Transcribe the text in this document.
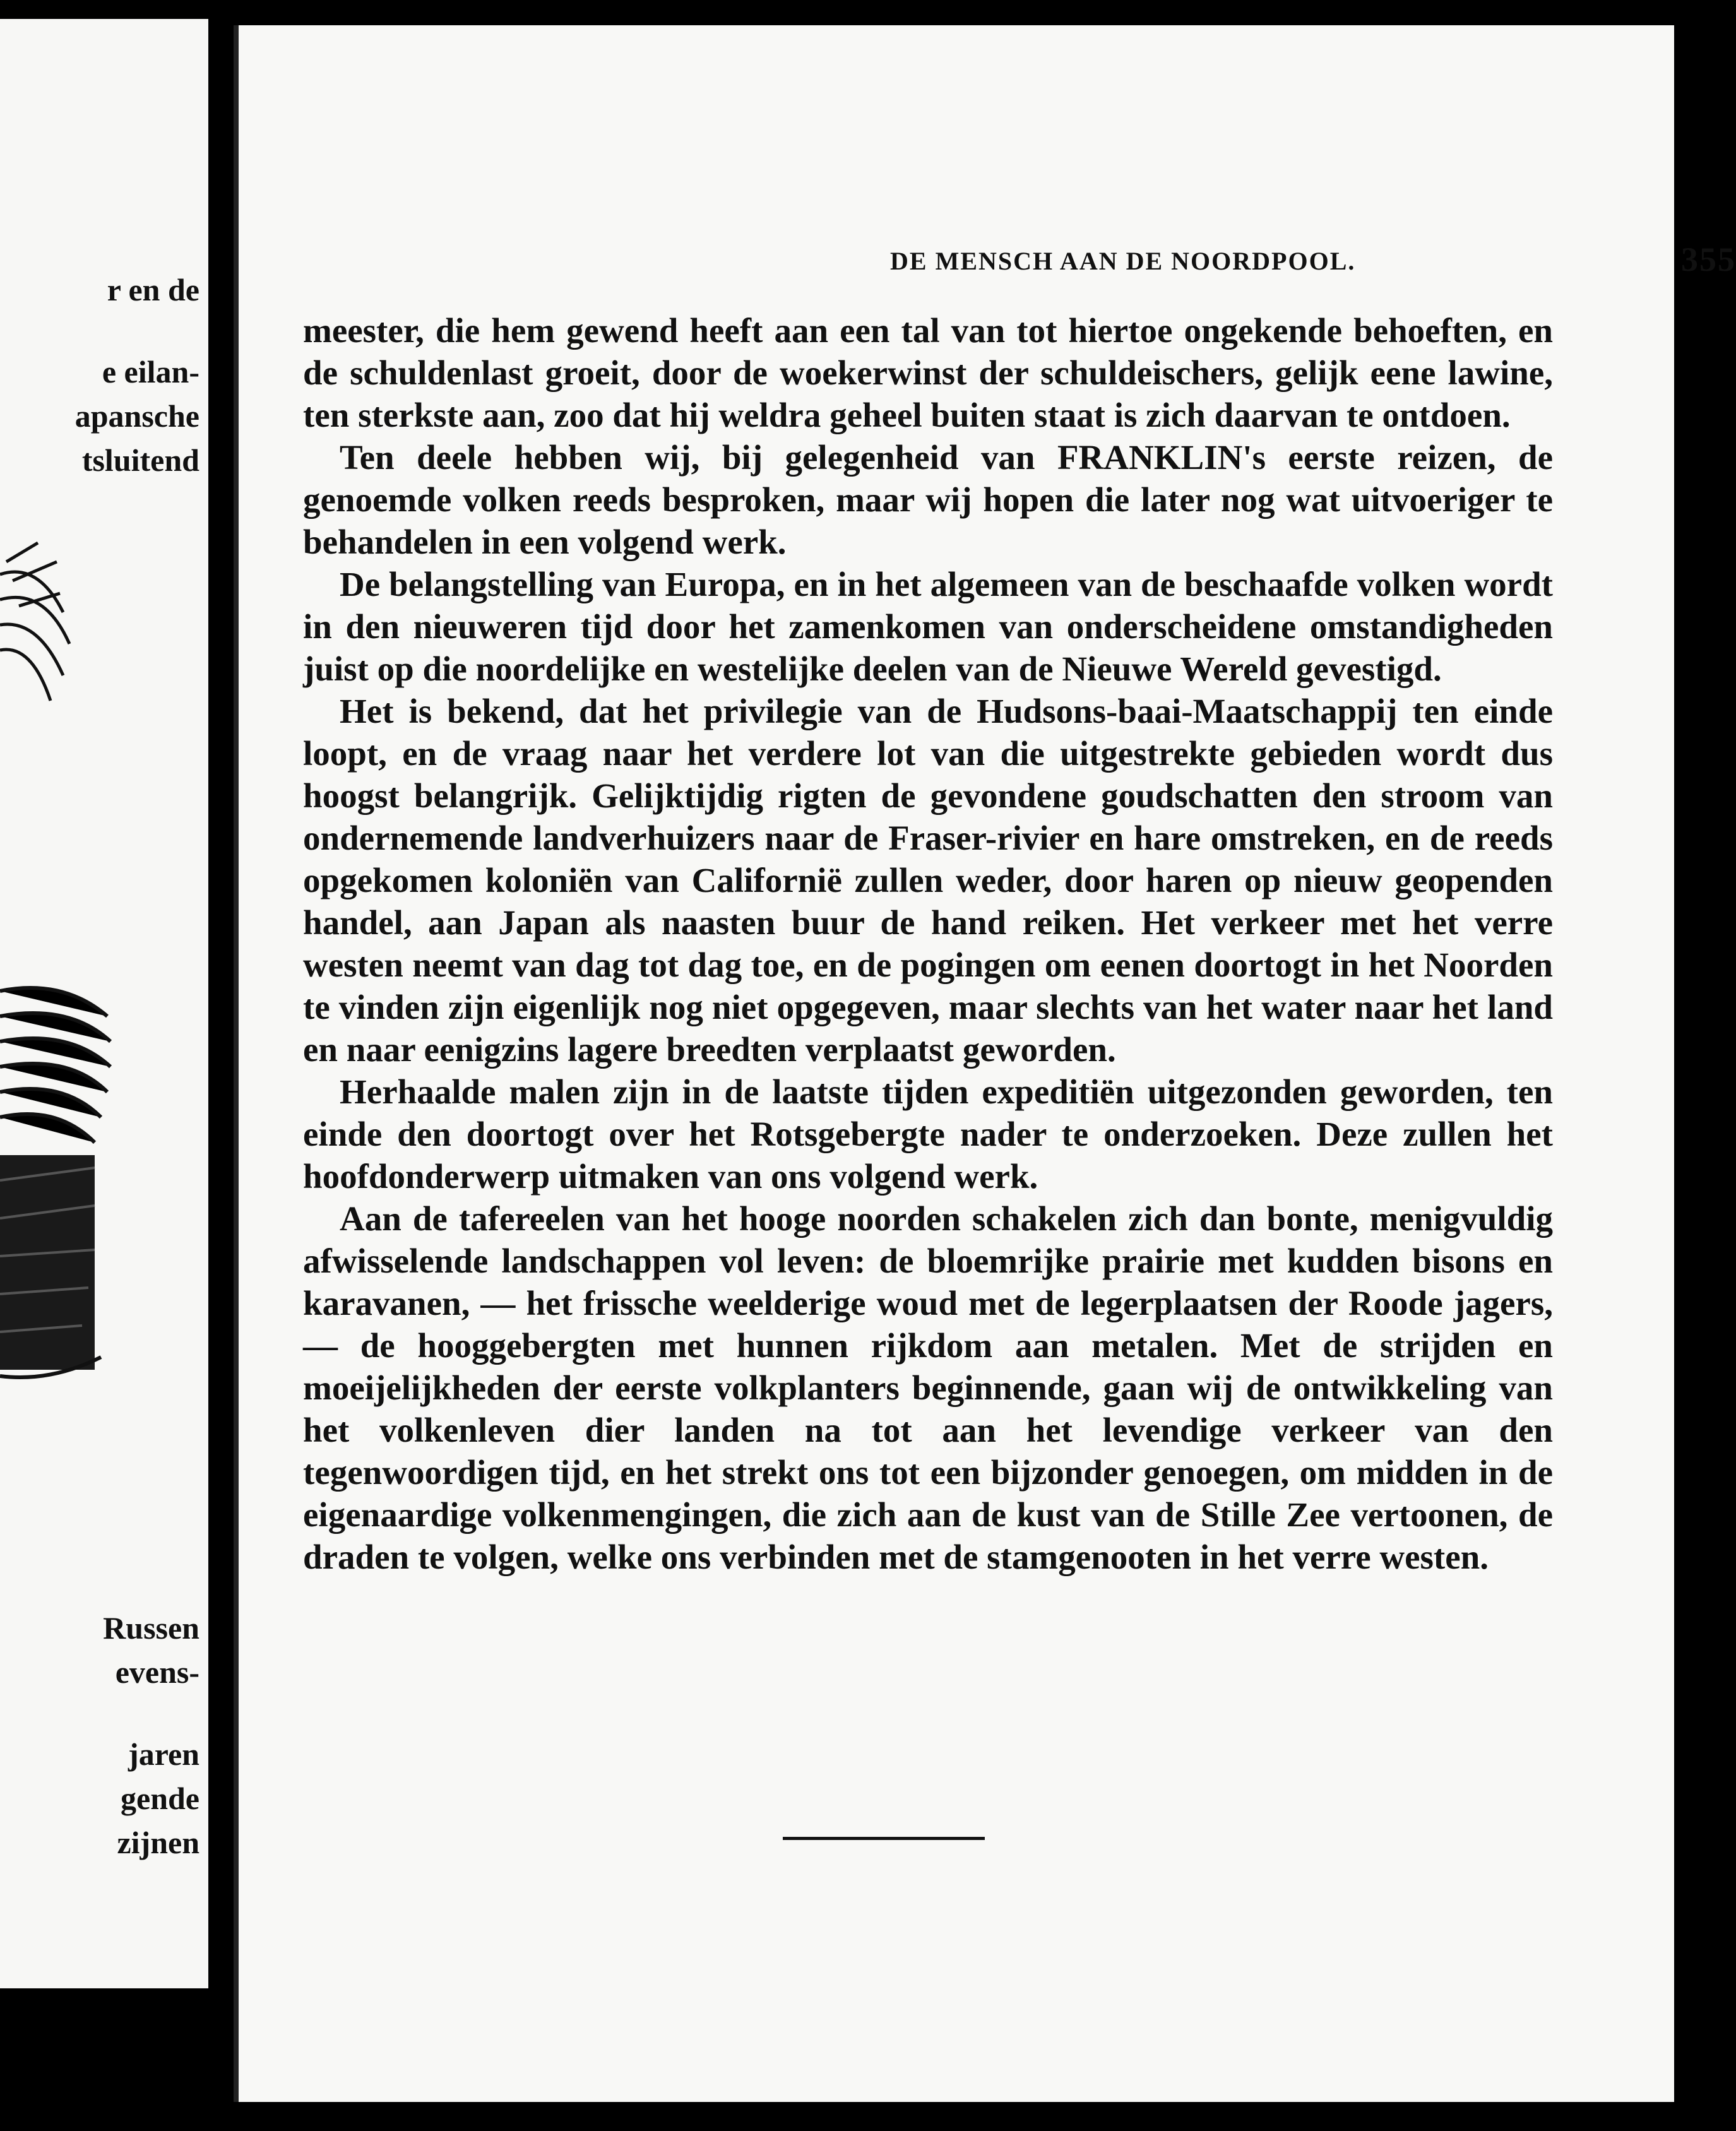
r en de
e eilan-
apansche
tsluitend
Russen
evens-
jaren
gende
zijnen
DE MENSCH AAN DE NOORDPOOL.	355

meester, die hem gewend heeft aan een tal van tot hiertoe ongekende behoeften, en de schuldenlast groeit, door de woekerwinst der schuldeischers, gelijk eene lawine, ten sterkste aan, zoo dat hij weldra geheel buiten staat is zich daarvan te ontdoen.

Ten deele hebben wij, bij gelegenheid van FRANKLIN's eerste reizen, de genoemde volken reeds besproken, maar wij hopen die later nog wat uitvoeriger te behandelen in een volgend werk.

De belangstelling van Europa, en in het algemeen van de beschaafde volken wordt in den nieuweren tijd door het zamenkomen van onderscheidene omstandigheden juist op die noordelijke en westelijke deelen van de Nieuwe Wereld gevestigd.

Het is bekend, dat het privilegie van de Hudsons-baai-Maatschappij ten einde loopt, en de vraag naar het verdere lot van die uitgestrekte gebieden wordt dus hoogst belangrijk. Gelijktijdig rigten de gevondene goudschatten den stroom van ondernemende landverhuizers naar de Fraser-rivier en hare omstreken, en de reeds opgekomen koloniën van Californië zullen weder, door haren op nieuw geopenden handel, aan Japan als naasten buur de hand reiken. Het verkeer met het verre westen neemt van dag tot dag toe, en de pogingen om eenen doortogt in het Noorden te vinden zijn eigenlijk nog niet opgegeven, maar slechts van het water naar het land en naar eenigzins lagere breedten verplaatst geworden.

Herhaalde malen zijn in de laatste tijden expeditiën uitgezonden geworden, ten einde den doortogt over het Rotsgebergte nader te onderzoeken. Deze zullen het hoofdonderwerp uitmaken van ons volgend werk.

Aan de tafereelen van het hooge noorden schakelen zich dan bonte, menigvuldig afwisselende landschappen vol leven: de bloemrijke prairie met kudden bisons en karavanen, — het frissche weelderige woud met de legerplaatsen der Roode jagers, — de hooggebergten met hunnen rijkdom aan metalen. Met de strijden en moeijelijkheden der eerste volkplanters beginnende, gaan wij de ontwikkeling van het volkenleven dier landen na tot aan het levendige verkeer van den tegenwoordigen tijd, en het strekt ons tot een bijzonder genoegen, om midden in de eigenaardige volkenmengingen, die zich aan de kust van de Stille Zee vertoonen, de draden te volgen, welke ons verbinden met de stamgenooten in het verre westen.
